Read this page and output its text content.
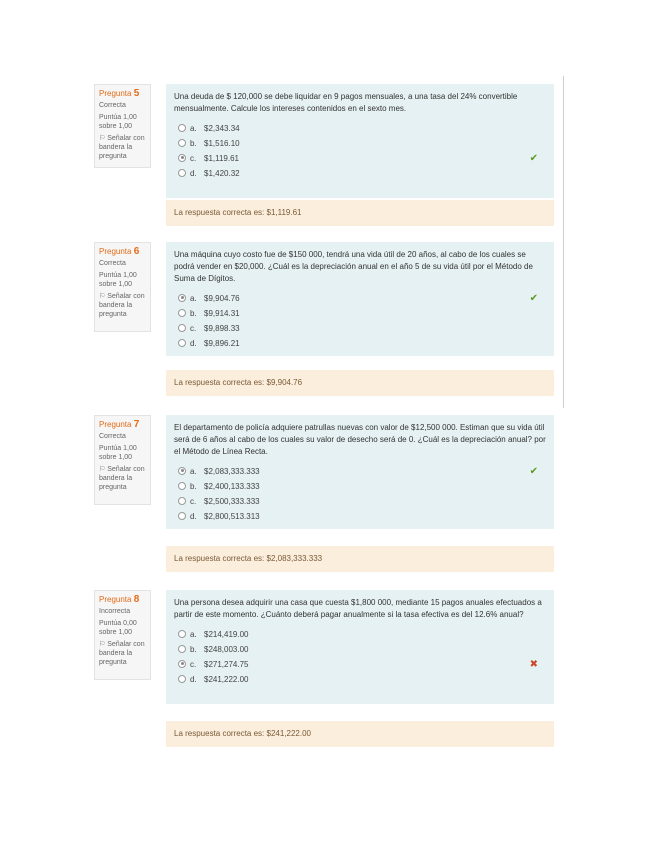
Pregunta 5
Correcta
Puntúa 1,00 sobre 1,00
⚐ Señalar con bandera la pregunta
Una deuda de $ 120,000 se debe liquidar en 9 pagos mensuales, a una tasa del 24% convertible mensualmente. Calcule los intereses contenidos en el sexto mes.
a. $2,343.34
b. $1,516.10
c. $1,119.61	✔
d. $1,420.32
La respuesta correcta es: $1,119.61
Pregunta 6
Correcta
Puntúa 1,00 sobre 1,00
⚐ Señalar con bandera la pregunta
Una máquina cuyo costo fue de $150 000, tendrá una vida útil de 20 años, al cabo de los cuales se podrá vender en $20,000. ¿Cuál es la depreciación anual en el año 5 de su vida útil por el Método de Suma de Dígitos.
a. $9,904.76	✔
b. $9,914.31
c. $9,898.33
d. $9,896.21
La respuesta correcta es: $9,904.76
Pregunta 7
Correcta
Puntúa 1,00 sobre 1,00
⚐ Señalar con bandera la pregunta
El departamento de policía adquiere patrullas nuevas con valor de $12,500 000. Estiman que su vida útil será de 6 años al cabo de los cuales su valor de desecho será de 0. ¿Cuál es la depreciación anual? por el Método de Línea Recta.
a. $2,083,333.333	✔
b. $2,400,133.333
c. $2,500,333.333
d. $2,800,513.313
La respuesta correcta es: $2,083,333.333
Pregunta 8
Incorrecta
Puntúa 0,00 sobre 1,00
⚐ Señalar con bandera la pregunta
Una persona desea adquirir una casa que cuesta $1,800 000, mediante 15 pagos anuales efectuados a partir de este momento. ¿Cuánto deberá pagar anualmente si la tasa efectiva es del 12.6% anual?
a. $214,419.00
b. $248,003.00
c. $271,274.75	✖
d. $241,222.00
La respuesta correcta es: $241,222.00
